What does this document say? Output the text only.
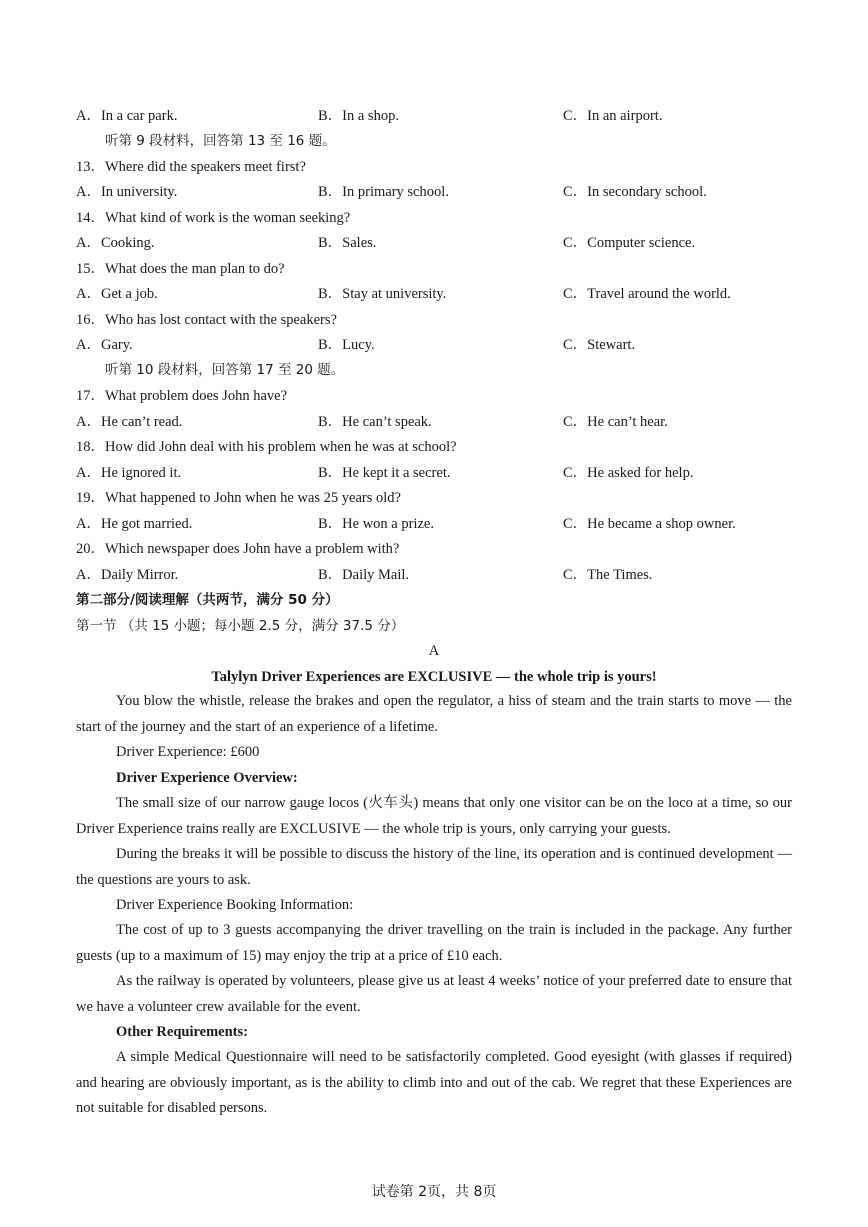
A．In a car park.	B．In a shop.	C．In an airport.
听第 9 段材料，回答第 13 至 16 题。
13．Where did the speakers meet first?
A．In university.	B．In primary school.	C．In secondary school.
14．What kind of work is the woman seeking?
A．Cooking.	B．Sales.	C．Computer science.
15．What does the man plan to do?
A．Get a job.	B．Stay at university.	C．Travel around the world.
16．Who has lost contact with the speakers?
A．Gary.	B．Lucy.	C．Stewart.
听第 10 段材料，回答第 17 至 20 题。
17．What problem does John have?
A．He can’t read.	B．He can’t speak.	C．He can’t hear.
18．How did John deal with his problem when he was at school?
A．He ignored it.	B．He kept it a secret.	C．He asked for help.
19．What happened to John when he was 25 years old?
A．He got married.	B．He won a prize.	C．He became a shop owner.
20．Which newspaper does John have a problem with?
A．Daily Mirror.	B．Daily Mail.	C．The Times.
第二部分/阅读理解（共两节，满分 50 分）
第一节 （共 15 小题；每小题 2.5 分，满分 37.5 分）
A
Talylyn Driver Experiences are EXCLUSIVE — the whole trip is yours!
You blow the whistle, release the brakes and open the regulator, a hiss of steam and the train starts to move — the start of the journey and the start of an experience of a lifetime.
Driver Experience: £600
Driver Experience Overview:
The small size of our narrow gauge locos (火车头) means that only one visitor can be on the loco at a time, so our Driver Experience trains really are EXCLUSIVE — the whole trip is yours, only carrying your guests.
During the breaks it will be possible to discuss the history of the line, its operation and is continued development — the questions are yours to ask.
Driver Experience Booking Information:
The cost of up to 3 guests accompanying the driver travelling on the train is included in the package. Any further guests (up to a maximum of 15) may enjoy the trip at a price of £10 each.
As the railway is operated by volunteers, please give us at least 4 weeks’ notice of your preferred date to ensure that we have a volunteer crew available for the event.
Other Requirements:
A simple Medical Questionnaire will need to be satisfactorily completed. Good eyesight (with glasses if required) and hearing are obviously important, as is the ability to climb into and out of the cab. We regret that these Experiences are not suitable for disabled persons.
试卷第 2页，共 8页
